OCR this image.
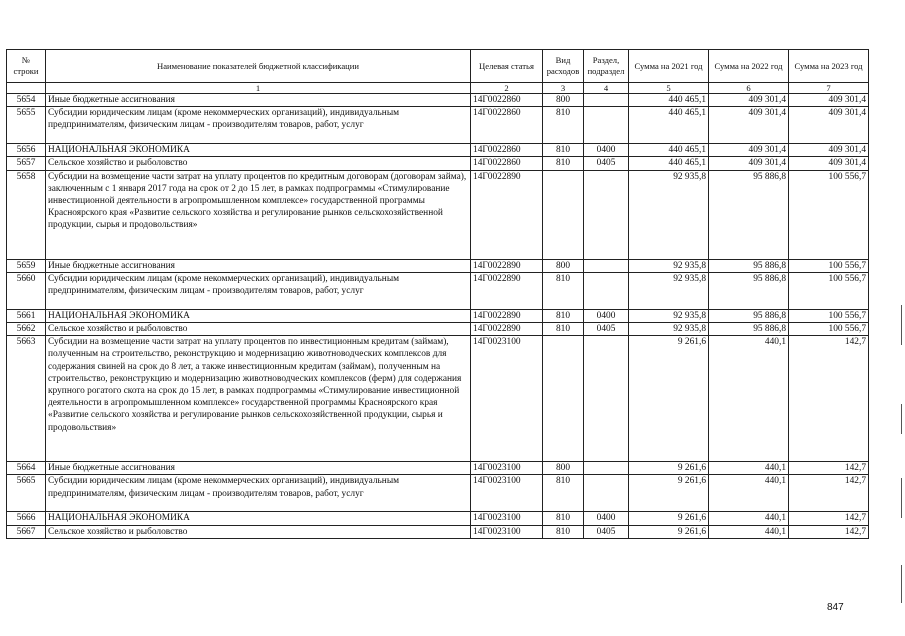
№ строки	Наименование показателей бюджетной классификации	Целевая статья	Вид расходов	Раздел, подраздел	Сумма на 2021 год	Сумма на 2022 год	Сумма на 2023 год
	1	2	3	4	5	6	7
5654	Иные бюджетные ассигнования	14Г0022860	800		440 465,1	409 301,4	409 301,4
5655	Субсидии юридическим лицам (кроме некоммерческих организаций), индивидуальным предпринимателям, физическим лицам - производителям товаров, работ, услуг	14Г0022860	810		440 465,1	409 301,4	409 301,4
5656	НАЦИОНАЛЬНАЯ ЭКОНОМИКА	14Г0022860	810	0400	440 465,1	409 301,4	409 301,4
5657	Сельское хозяйство и рыболовство	14Г0022860	810	0405	440 465,1	409 301,4	409 301,4
5658	Субсидии на возмещение части затрат на уплату процентов по кредитным договорам (договорам займа), заключенным с 1 января 2017 года на срок от 2 до 15 лет, в рамках подпрограммы «Стимулирование инвестиционной деятельности в агропромышленном комплексе» государственной программы Красноярского края «Развитие сельского хозяйства и регулирование рынков сельскохозяйственной продукции, сырья и продовольствия»	14Г0022890			92 935,8	95 886,8	100 556,7
5659	Иные бюджетные ассигнования	14Г0022890	800		92 935,8	95 886,8	100 556,7
5660	Субсидии юридическим лицам (кроме некоммерческих организаций), индивидуальным предпринимателям, физическим лицам - производителям товаров, работ, услуг	14Г0022890	810		92 935,8	95 886,8	100 556,7
5661	НАЦИОНАЛЬНАЯ ЭКОНОМИКА	14Г0022890	810	0400	92 935,8	95 886,8	100 556,7
5662	Сельское хозяйство и рыболовство	14Г0022890	810	0405	92 935,8	95 886,8	100 556,7
5663	Субсидии на возмещение части затрат на уплату процентов по инвестиционным кредитам (займам), полученным на строительство, реконструкцию и модернизацию животноводческих комплексов для содержания свиней на срок до 8 лет, а также инвестиционным кредитам (займам), полученным на строительство, реконструкцию и модернизацию животноводческих комплексов (ферм) для содержания крупного рогатого скота на срок до 15 лет, в рамках подпрограммы «Стимулирование инвестиционной деятельности в агропромышленном комплексе» государственной программы Красноярского края «Развитие сельского хозяйства и регулирование рынков сельскохозяйственной продукции, сырья и продовольствия»	14Г0023100			9 261,6	440,1	142,7
5664	Иные бюджетные ассигнования	14Г0023100	800		9 261,6	440,1	142,7
5665	Субсидии юридическим лицам (кроме некоммерческих организаций), индивидуальным предпринимателям, физическим лицам - производителям товаров, работ, услуг	14Г0023100	810		9 261,6	440,1	142,7
5666	НАЦИОНАЛЬНАЯ ЭКОНОМИКА	14Г0023100	810	0400	9 261,6	440,1	142,7
5667	Сельское хозяйство и рыболовство	14Г0023100	810	0405	9 261,6	440,1	142,7
847
